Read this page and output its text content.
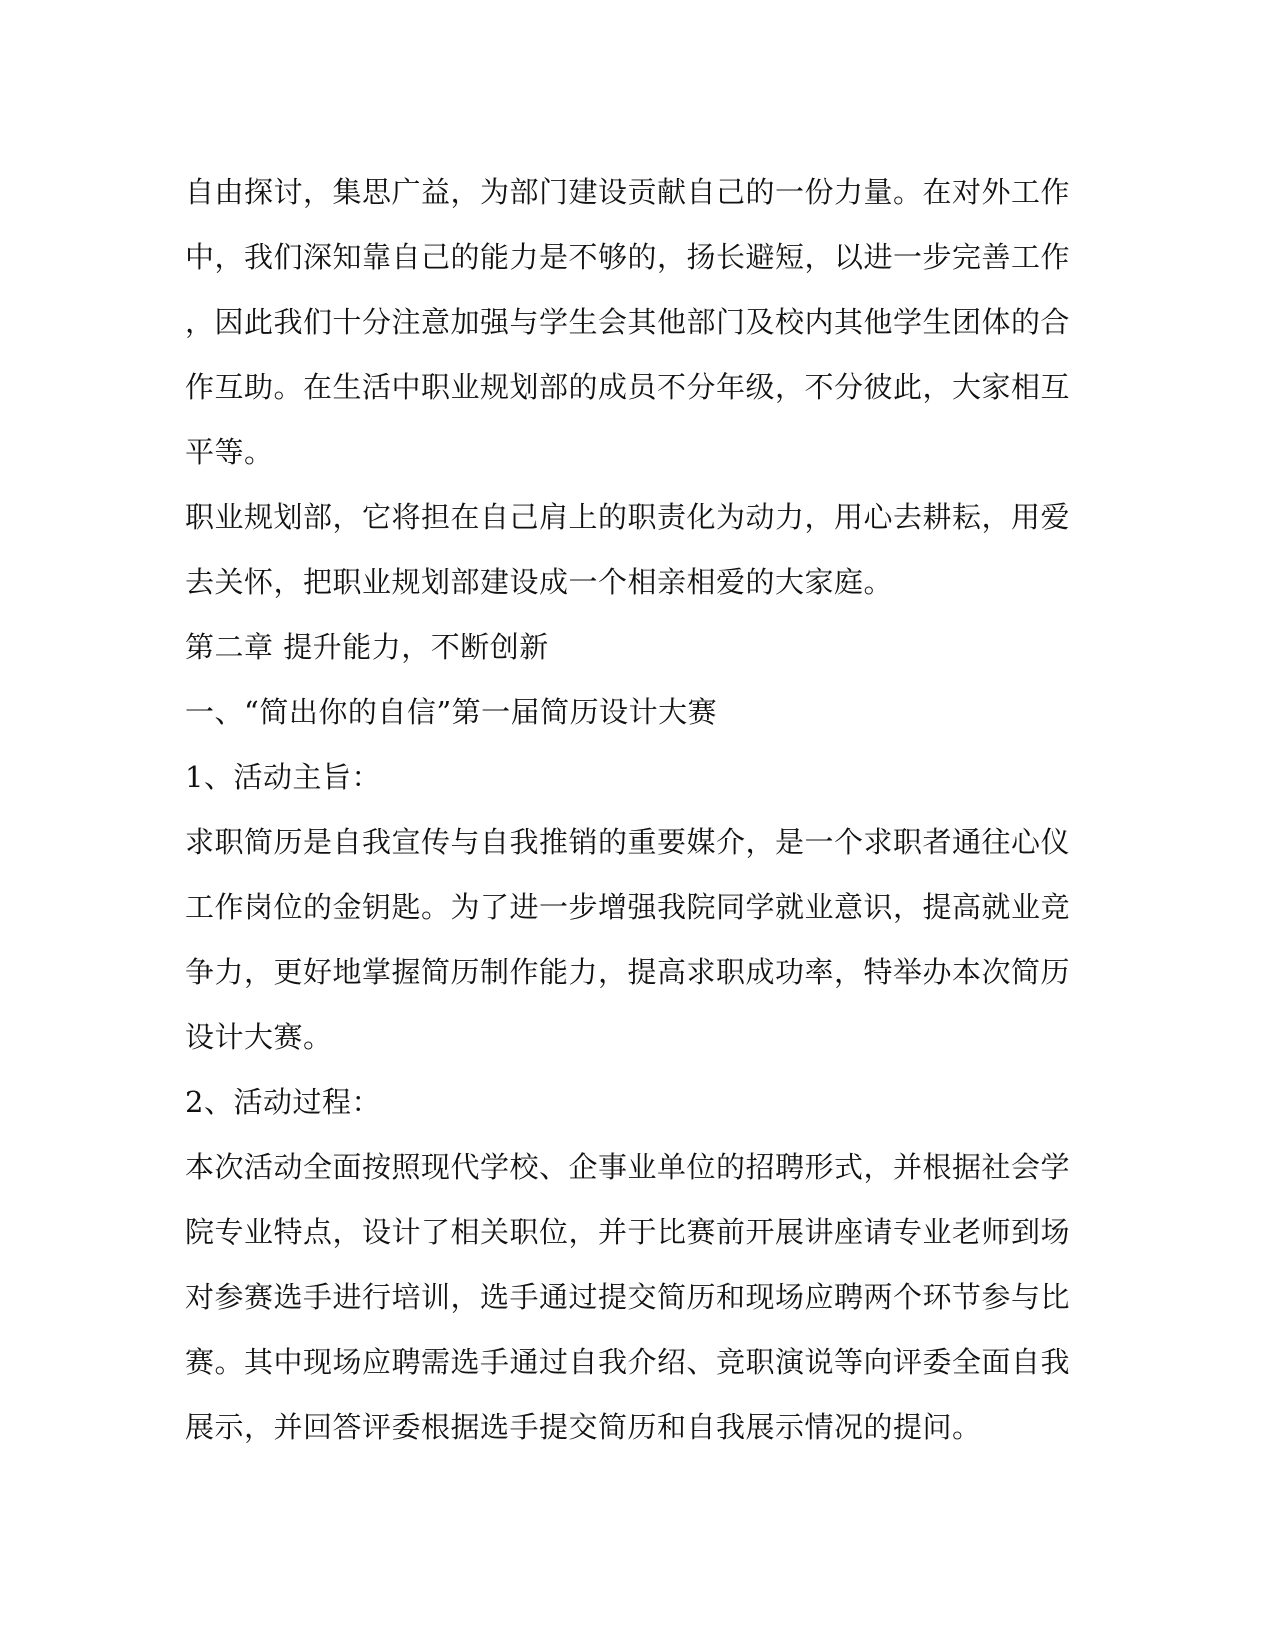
自由探讨，集思广益，为部门建设贡献自己的一份力量。在对外工作
中，我们深知靠自己的能力是不够的，扬长避短，以进一步完善工作
，因此我们十分注意加强与学生会其他部门及校内其他学生团体的合
作互助。在生活中职业规划部的成员不分年级，不分彼此，大家相互
平等。
职业规划部，它将担在自己肩上的职责化为动力，用心去耕耘，用爱
去关怀，把职业规划部建设成一个相亲相爱的大家庭。
第二章 提升能力，不断创新
一、“简出你的自信”第一届简历设计大赛
1、活动主旨：
求职简历是自我宣传与自我推销的重要媒介，是一个求职者通往心仪
工作岗位的金钥匙。为了进一步增强我院同学就业意识，提高就业竞
争力，更好地掌握简历制作能力，提高求职成功率，特举办本次简历
设计大赛。
2、活动过程：
本次活动全面按照现代学校、企事业单位的招聘形式，并根据社会学
院专业特点，设计了相关职位，并于比赛前开展讲座请专业老师到场
对参赛选手进行培训，选手通过提交简历和现场应聘两个环节参与比
赛。其中现场应聘需选手通过自我介绍、竞职演说等向评委全面自我
展示，并回答评委根据选手提交简历和自我展示情况的提问。
